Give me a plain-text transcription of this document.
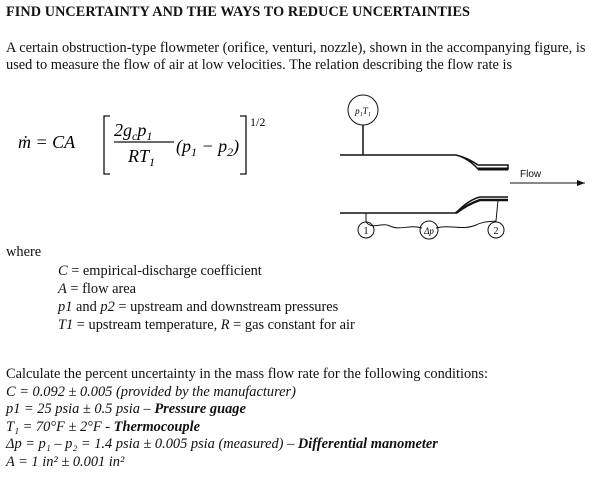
FIND UNCERTAINTY AND THE WAYS TO REDUCE UNCERTAINTIES
A certain obstruction-type flowmeter (orifice, venturi, nozzle), shown in the accompanying figure, is used to measure the flow of air at low velocities. The relation describing the flow rate is
ṁ = CA
$2g_cp_1$
$RT_1$
$(p_1 - p_2)$
1/2
p₁T₁
1	Δp	2
Flow
where
C = empirical-discharge coefficient
A = flow area
p1 and p2 = upstream and downstream pressures
T1 = upstream temperature, R = gas constant for air
Calculate the percent uncertainty in the mass flow rate for the following conditions:
C = 0.092 ± 0.005 (provided by the manufacturer)
p1 = 25 psia ± 0.5 psia – Pressure guage
T₁ = 70°F ± 2°F - Thermocouple
Δp = p₁ – p₂ = 1.4 psia ± 0.005 psia (measured) – Differential manometer
A = 1 in² ± 0.001 in²
